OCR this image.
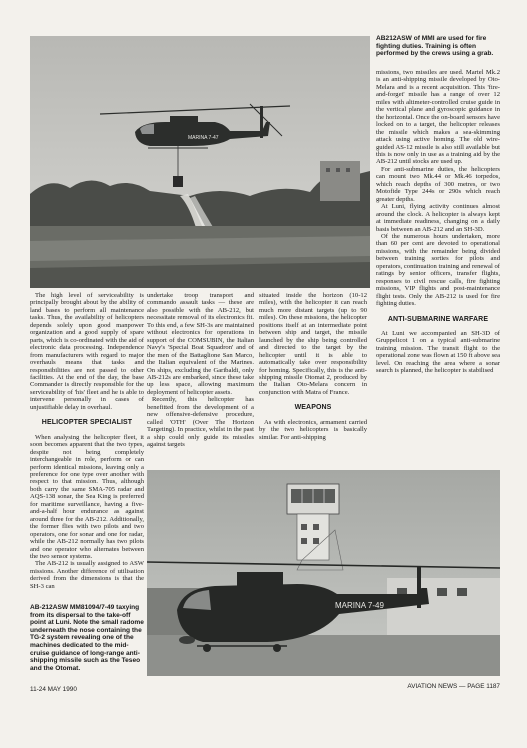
MARINA 7-47
AB212ASW of MMI are used for fire fighting duties. Training is often performed by the crews using a grab.

The high level of serviceability is principally brought about by the ability of land bases to perform all maintenance tasks. Thus, the availability of helicopters depends solely upon good manpower organization and a good supply of spare parts, which is co-ordinated with the aid of electronic data processing. Independence from manufacturers with regard to major overhauls means that tasks and responsibilities are not passed to other facilities. At the end of the day, the base Commander is directly responsible for the serviceability of 'his' fleet and he is able to intervene personally in cases of unjustifiable delay in overhaul.

HELICOPTER SPECIALIST

When analysing the helicopter fleet, it soon becomes apparent that the two types, despite not being completely interchangeable in role, perform or can perform identical missions, leaving only a preference for one type over another with respect to that mission. Thus, although both carry the same SMA-705 radar and AQS-138 sonar, the Sea King is preferred for maritime surveillance, having a five-and-a-half hour endurance as against around three for the AB-212. Additionally, the former flies with two pilots and two operators, one for sonar and one for radar, while the AB-212 normally has two pilots and one operator who alternates between the two sensor systems.

The AB-212 is usually assigned to ASW missions. Another difference of utilisation derived from the dimensions is that the SH-3 can

undertake troop transport and commando assault tasks — these are also possible with the AB-212, but necessitate removal of its electronics fit. To this end, a few SH-3s are maintained without electronics for operations in support of the COMSUBIN, the Italian Navy's 'Special Boat Squadron' and of the men of the Battaglione San Marco, the Italian equivalent of the Marines. On ships, excluding the Garibaldi, only AB-212s are embarked, since these take up less space, allowing maximum deployment of helicopter assets.

Recently, this helicopter has benefitted from the development of a new offensive-defensive procedure, called 'OTH' (Over The Horizon Targeting). In practice, whilst in the past a ship could only guide its missiles against targets

situated inside the horizon (10-12 miles), with the helicopter it can reach much more distant targets (up to 90 miles). On these missions, the helicopter positions itself at an intermediate point between ship and target, the missile launched by the ship being controlled and directed to the target by the helicopter until it is able to automatically take over responsibility for homing. Specifically, this is the anti-shipping missile Otomat 2, produced by the Italian Oto-Melara concern in conjunction with Matra of France.

WEAPONS

As with electronics, armament carried by the two helicopters is basically similar. For anti-shipping

missions, two missiles are used. Martel Mk.2 is an anti-shipping missile developed by Oto-Melara and is a recent acquisition. This 'fire-and-forget' missile has a range of over 12 miles with altimeter-controlled cruise guide in the vertical plane and gyroscopic guidance in the horizontal. Once the on-board sensors have locked on to a target, the helicopter releases the missile which makes a sea-skimming attack using active homing. The old wire-guided AS-12 missile is also still available but this is now only in use as a training aid by the AB-212 until stocks are used up.

For anti-submarine duties, the helicopters can mount two Mk.44 or Mk.46 torpedos, which reach depths of 300 metres, or two Motofide Type 244s or 290s which reach greater depths.

At Luni, flying activity continues almost around the clock. A helicopter is always kept at immediate readiness, changing on a daily basis between an AB-212 and an SH-3D.

Of the numerous hours undertaken, more than 60 per cent are devoted to operational missions, with the remainder being divided between training sorties for pilots and operators, continuation training and renewal of ratings by senior officers, transfer flights, responses to civil rescue calls, fire fighting missions, VIP flights and post-maintenance flight tests. Only the AB-212 is used for fire fighting duties.

ANTI-SUBMARINE WARFARE

At Luni we accompanied an SH-3D of Gruppelicot 1 on a typical anti-submarine training mission. The transit flight to the operational zone was flown at 150 ft above sea level. On reaching the area where a sonar search is planned, the helicopter is stabilised

MARINA 7-49
AB-212ASW MM81094/7-49 taxying from its dispersal to the take-off point at Luni. Note the small radome underneath the nose containing the TG-2 system revealing one of the machines dedicated to the mid-cruise guidance of long-range anti-shipping missile such as the Teseo and the Otomat.
11-24 MAY 1990	AVIATION NEWS — PAGE 1187
